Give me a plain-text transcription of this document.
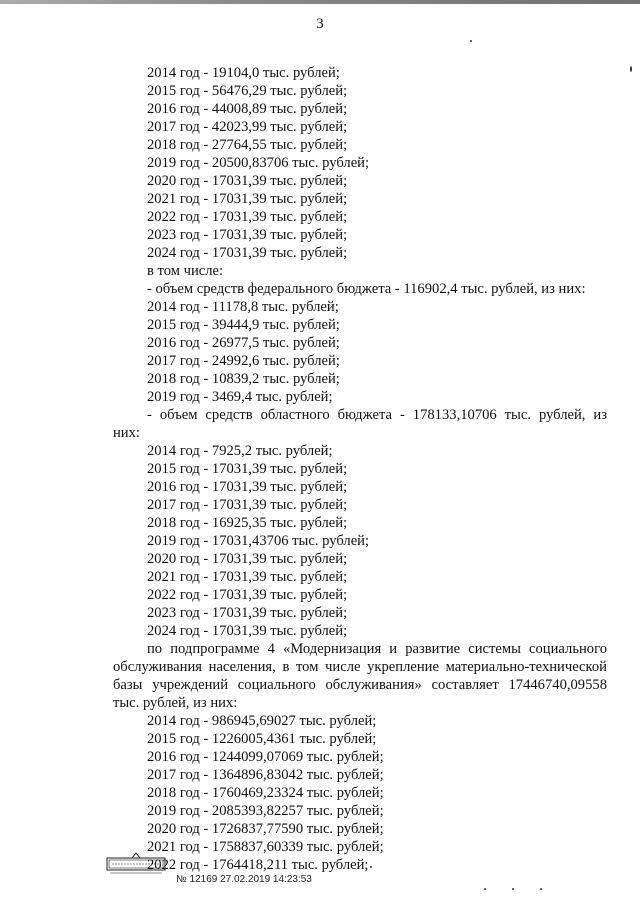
3
2014 год - 19104,0 тыс. рублей;
2015 год - 56476,29 тыс. рублей;
2016 год - 44008,89 тыс. рублей;
2017 год - 42023,99 тыс. рублей;
2018 год - 27764,55 тыс. рублей;
2019 год - 20500,83706 тыс. рублей;
2020 год - 17031,39 тыс. рублей;
2021 год - 17031,39 тыс. рублей;
2022 год - 17031,39 тыс. рублей;
2023 год - 17031,39 тыс. рублей;
2024 год - 17031,39 тыс. рублей;
в том числе:
- объем средств федерального бюджета - 116902,4 тыс. рублей, из них:
2014 год - 11178,8 тыс. рублей;
2015 год - 39444,9 тыс. рублей;
2016 год - 26977,5 тыс. рублей;
2017 год - 24992,6 тыс. рублей;
2018 год - 10839,2 тыс. рублей;
2019 год - 3469,4 тыс. рублей;
- объем средств областного бюджета - 178133,10706 тыс. рублей, из
них:
2014 год - 7925,2 тыс. рублей;
2015 год - 17031,39 тыс. рублей;
2016 год - 17031,39 тыс. рублей;
2017 год - 17031,39 тыс. рублей;
2018 год - 16925,35 тыс. рублей;
2019 год - 17031,43706 тыс. рублей;
2020 год - 17031,39 тыс. рублей;
2021 год - 17031,39 тыс. рублей;
2022 год - 17031,39 тыс. рублей;
2023 год - 17031,39 тыс. рублей;
2024 год - 17031,39 тыс. рублей;
по подпрограмме 4 «Модернизация и развитие системы социального
обслуживания населения, в том числе укрепление материально-технической
базы учреждений социального обслуживания» составляет 17446740,09558
тыс. рублей, из них:
2014 год - 986945,69027 тыс. рублей;
2015 год - 1226005,4361 тыс. рублей;
2016 год - 1244099,07069 тыс. рублей;
2017 год - 1364896,83042 тыс. рублей;
2018 год - 1760469,23324 тыс. рублей;
2019 год - 2085393,82257 тыс. рублей;
2020 год - 1726837,77590 тыс. рублей;
2021 год - 1758837,60339 тыс. рублей;
2022 год - 1764418,211 тыс. рублей;
№ 12169 27.02.2019 14:23:53
